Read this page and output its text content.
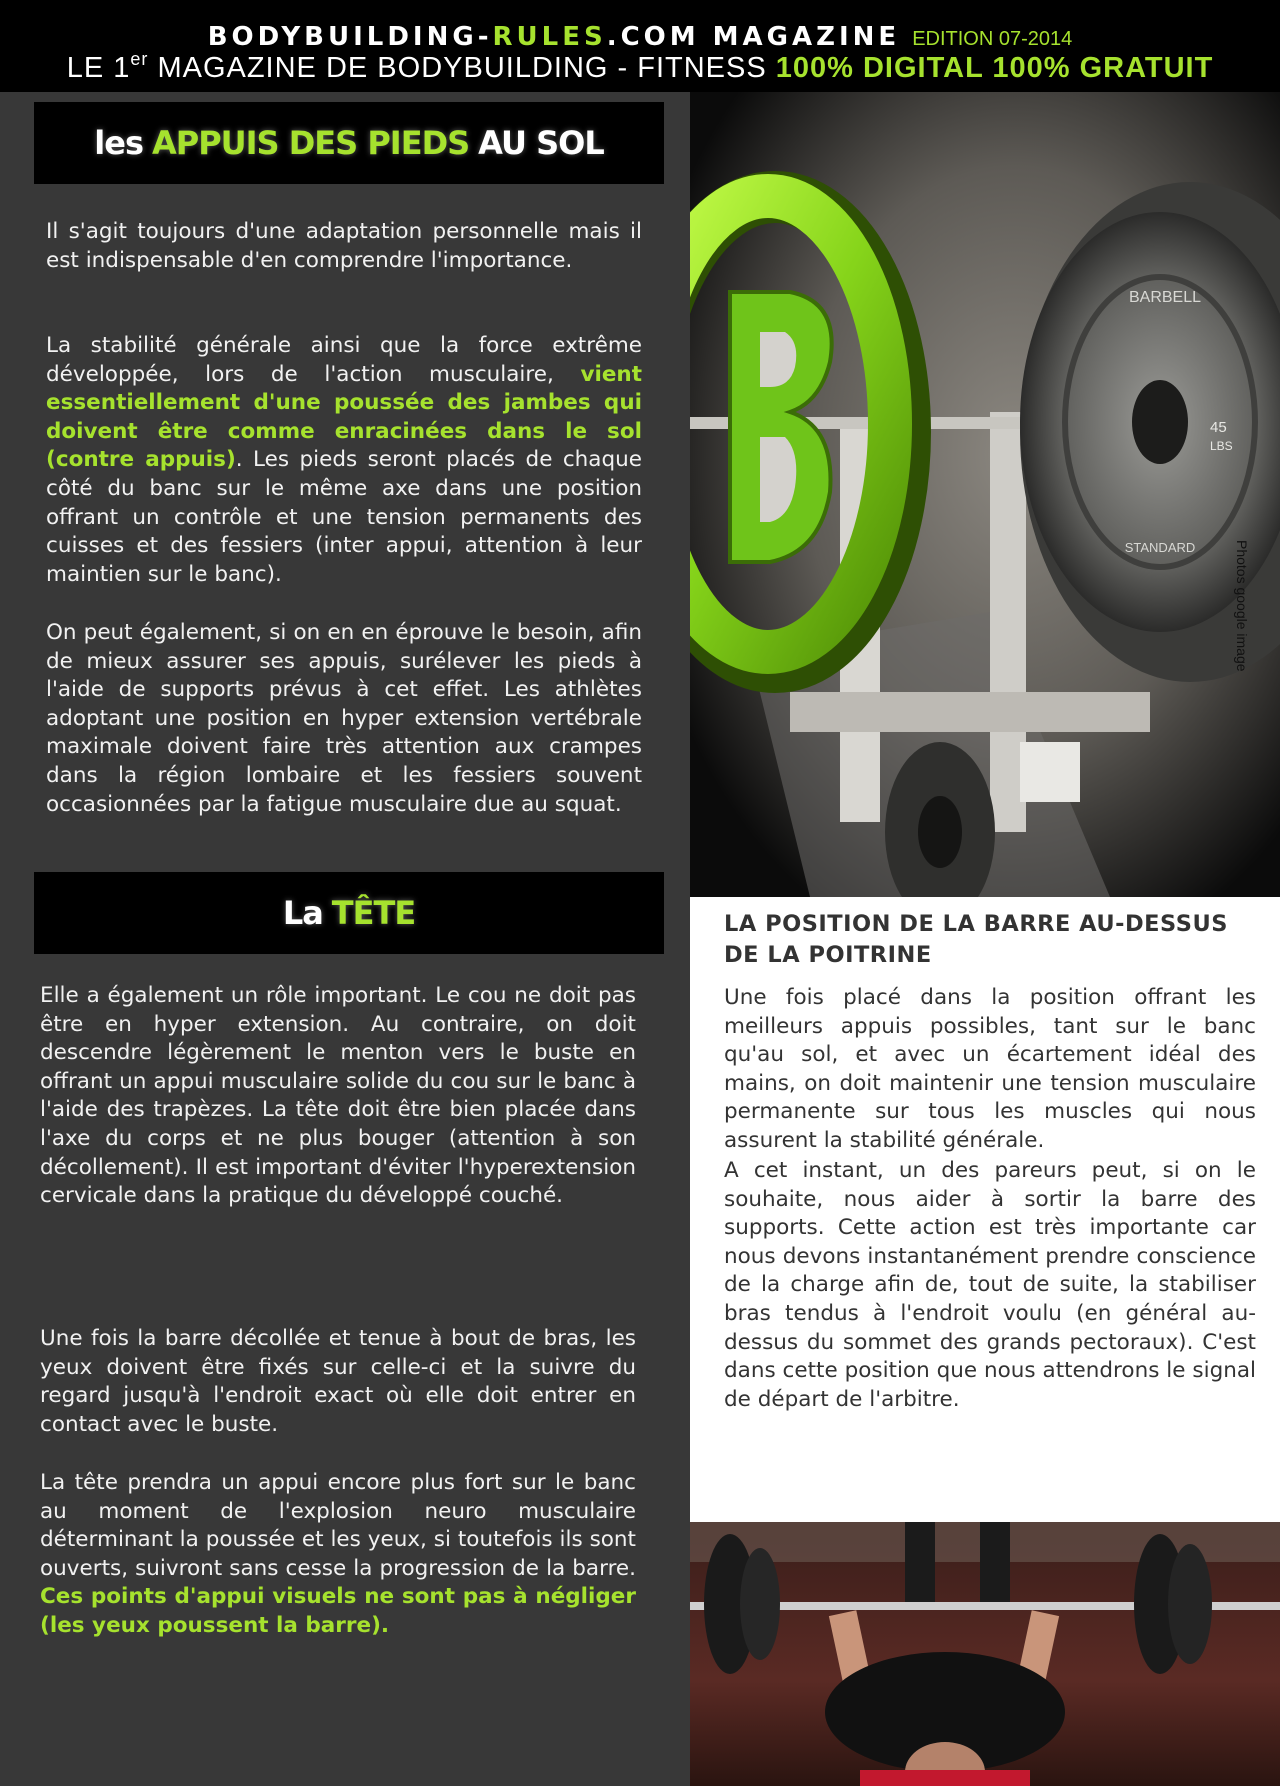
BODYBUILDING-RULES.COM MAGAZINE EDITION 07-2014
LE 1er MAGAZINE DE BODYBUILDING - FITNESS 100% DIGITAL 100% GRATUIT
les APPUIS DES PIEDS AU SOL

Il s'agit toujours d'une adaptation personnelle mais il est indispensable d'en comprendre l'importance.

La stabilité générale ainsi que la force extrême développée, lors de l'action musculaire, vient essentiellement d'une poussée des jambes qui doivent être comme enracinées dans le sol (contre appuis). Les pieds seront placés de chaque côté du banc sur le même axe dans une position offrant un contrôle et une tension permanents des cuisses et des fessiers (inter appui, attention à leur maintien sur le banc).

On peut également, si on en en éprouve le besoin, afin de mieux assurer ses appuis, surélever les pieds à l'aide de supports prévus à cet effet. Les athlètes adoptant une position en hyper extension vertébrale maximale doivent faire très attention aux crampes dans la région lombaire et les fessiers souvent occasionnées par la fatigue musculaire due au squat.

La TÊTE

Elle a également un rôle important. Le cou ne doit pas être en hyper extension. Au contraire, on doit descendre légèrement le menton vers le buste en offrant un appui musculaire solide du cou sur le banc à l'aide des trapèzes. La tête doit être bien placée dans l'axe du corps et ne plus bouger (attention à son décollement). Il est important d'éviter l'hyperextension cervicale dans la pratique du développé couché.

Une fois la barre décollée et tenue à bout de bras, les yeux doivent être fixés sur celle-ci et la suivre du regard jusqu'à l'endroit exact où elle doit entrer en contact avec le buste.

La tête prendra un appui encore plus fort sur le banc au moment de l'explosion neuro musculaire déterminant la poussée et les yeux, si toutefois ils sont ouverts, suivront sans cesse la progression de la barre. Ces points d'appui visuels ne sont pas à négliger (les yeux poussent la barre).

BARBELL
45
LBS
STANDARD	Photos google image
LA POSITION DE LA BARRE AU-DESSUS DE LA POITRINE

Une fois placé dans la position offrant les meilleurs appuis possibles, tant sur le banc qu'au sol, et avec un écartement idéal des mains, on doit maintenir une tension musculaire permanente sur tous les muscles qui nous assurent la stabilité générale.

A cet instant, un des pareurs peut, si on le souhaite, nous aider à sortir la barre des supports. Cette action est très importante car nous devons instantanément prendre conscience de la charge afin de, tout de suite, la stabiliser bras tendus à l'endroit voulu (en général au-dessus du sommet des grands pectoraux). C'est dans cette position que nous attendrons le signal de départ de l'arbitre.
